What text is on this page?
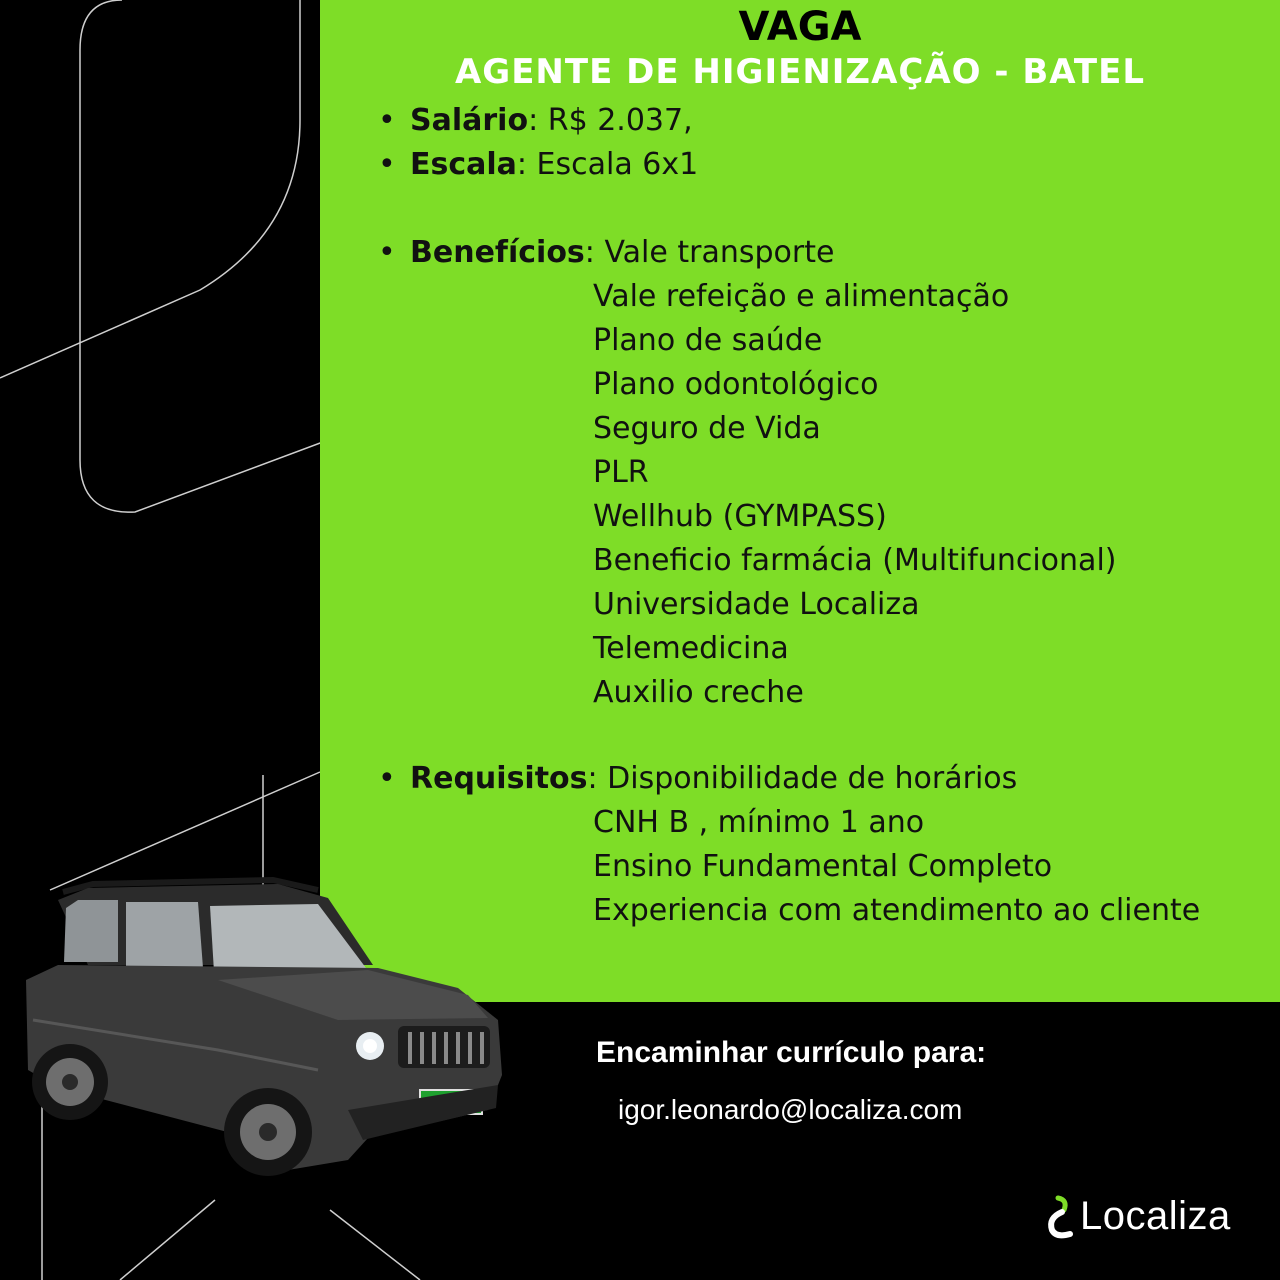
VAGA
AGENTE DE HIGIENIZAÇÃO - BATEL
• Salário: R$ 2.037,
• Escala: Escala 6x1
• Benefícios: Vale transporte
Vale refeição e alimentação
Plano de saúde
Plano odontológico
Seguro de Vida
PLR
Wellhub (GYMPASS)
Beneficio farmácia (Multifuncional)
Universidade Localiza
Telemedicina
Auxilio creche
• Requisitos: Disponibilidade de horários
CNH B , mínimo 1 ano
Ensino Fundamental Completo
Experiencia com atendimento ao cliente
Encaminhar currículo para:
igor.leonardo@localiza.com
Localiza
